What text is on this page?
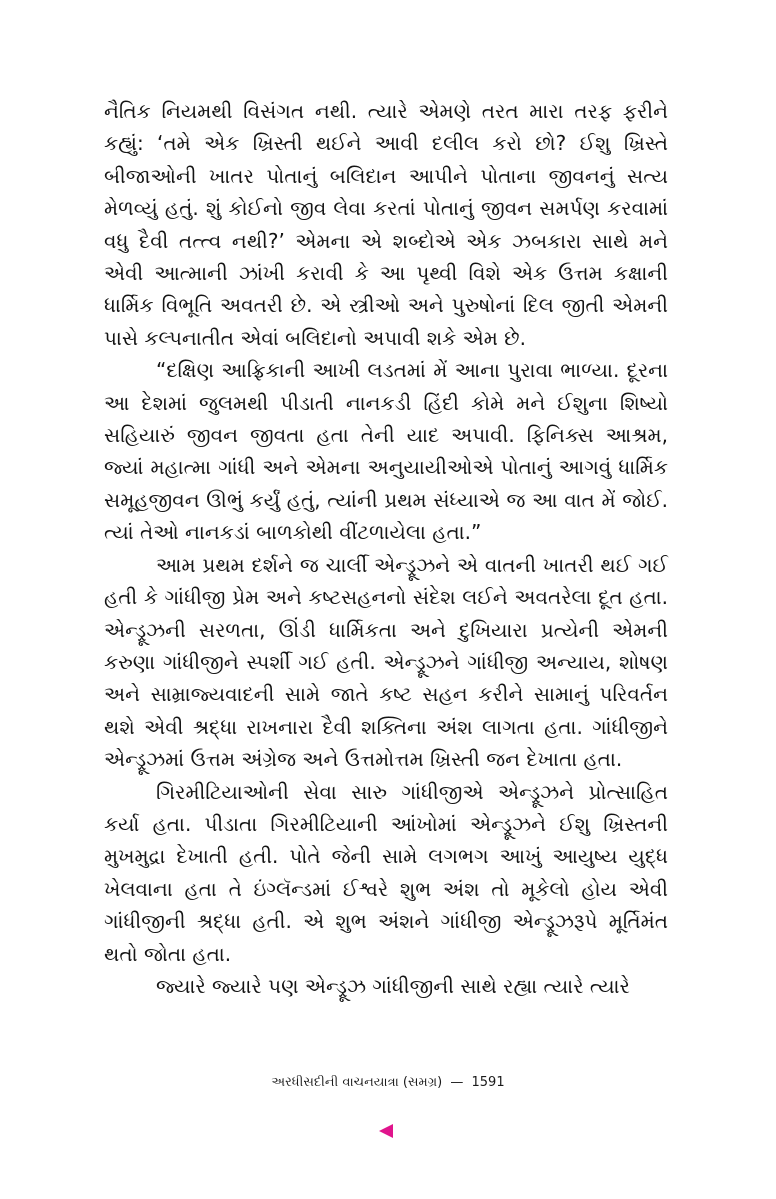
નૈતિક નિયમથી વિસંગત નથી. ત્યારે એમણે તરત મારા તરફ ફરીને કહ્યું: ‘તમે એક ખ્રિસ્તી થઈને આવી દલીલ કરો છો? ઈશુ ખ્રિસ્તે બીજાઓની ખાતર પોતાનું બલિદાન આપીને પોતાના જીવનનું સત્ય મેળવ્યું હતું. શું કોઈનો જીવ લેવા કરતાં પોતાનું જીવન સમર્પણ કરવામાં વધુ દૈવી તત્ત્વ નથી?’ એમના એ શબ્દોએ એક ઝબકારા સાથે મને એવી આત્માની ઝાંખી કરાવી કે આ પૃથ્વી વિશે એક ઉત્તમ કક્ષાની ધાર્મિક વિભૂતિ અવતરી છે. એ સ્ત્રીઓ અને પુરુષોનાં દિલ જીતી એમની પાસે કલ્પનાતીત એવાં બલિદાનો અપાવી શકે એમ છે.

“દક્ષિણ આફ્રિકાની આખી લડતમાં મેં આના પુરાવા ભાળ્યા. દૂરના આ દેશમાં જુલમથી પીડાતી નાનકડી હિંદી કોમે મને ઈશુના શિષ્યો સહિયારું જીવન જીવતા હતા તેની યાદ અપાવી. ફિનિક્સ આશ્રમ, જ્યાં મહાત્મા ગાંધી અને એમના અનુયાયીઓએ પોતાનું આગવું ધાર્મિક સમૂહજીવન ઊભું કર્યું હતું, ત્યાંની પ્રથમ સંધ્યાએ જ આ વાત મેં જોઈ. ત્યાં તેઓ નાનકડાં બાળકોથી વીંટળાયેલા હતા.”

આમ પ્રથમ દર્શને જ ચાર્લી એન્ડ્રૂઝને એ વાતની ખાતરી થઈ ગઈ હતી કે ગાંધીજી પ્રેમ અને કષ્ટસહનનો સંદેશ લઈને અવતરેલા દૂત હતા. એન્ડ્રૂઝની સરળતા, ઊંડી ધાર્મિકતા અને દુખિયારા પ્રત્યેની એમની કરુણા ગાંધીજીને સ્પર્શી ગઈ હતી. એન્ડ્રૂઝને ગાંધીજી અન્યાય, શોષણ અને સામ્રાજ્યવાદની સામે જાતે કષ્ટ સહન કરીને સામાનું પરિવર્તન થશે એવી શ્રદ્ધા રાખનારા દૈવી શક્તિના અંશ લાગતા હતા. ગાંધીજીને એન્ડ્રૂઝમાં ઉત્તમ અંગ્રેજ અને ઉત્તમોત્તમ ખ્રિસ્તી જન દેખાતા હતા.

ગિરમીટિયાઓની સેવા સારુ ગાંધીજીએ એન્ડ્રૂઝને પ્રોત્સાહિત કર્યા હતા. પીડાતા ગિરમીટિયાની આંખોમાં એન્ડ્રૂઝને ઈશુ ખ્રિસ્તની મુખમુદ્રા દેખાતી હતી. પોતે જેની સામે લગભગ આખું આયુષ્ય યુદ્ધ ખેલવાના હતા તે ઇંગ્લૅન્ડમાં ઈશ્વરે શુભ અંશ તો મૂકેલો હોય એવી ગાંધીજીની શ્રદ્ધા હતી. એ શુભ અંશને ગાંધીજી એન્ડ્રૂઝરૂપે મૂર્તિમંત થતો જોતા હતા.

જ્યારે જ્યારે પણ એન્ડ્રૂઝ ગાંધીજીની સાથે રહ્યા ત્યારે ત્યારે

અરધીસદીની વાચનયાત્રા (સમગ્ર) — 1591
